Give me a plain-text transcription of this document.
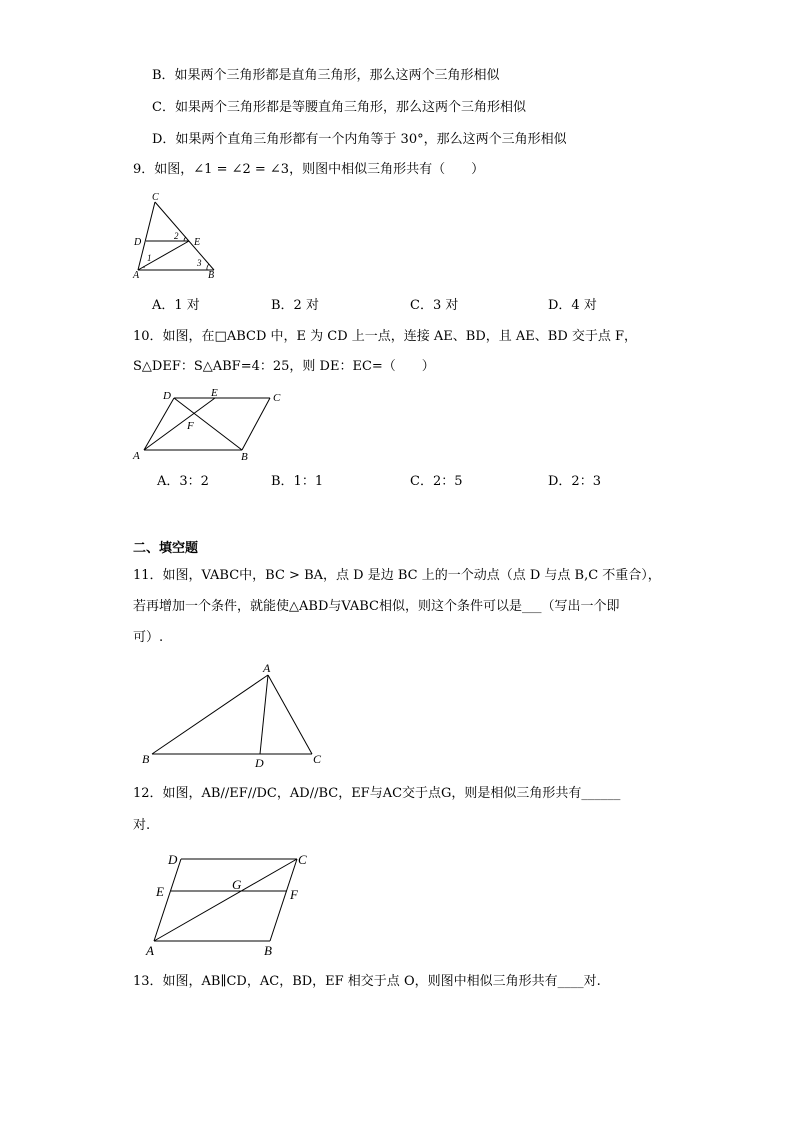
B．如果两个三角形都是直角三角形，那么这两个三角形相似
C．如果两个三角形都是等腰直角三角形，那么这两个三角形相似
D．如果两个直角三角形都有一个内角等于 30°，那么这两个三角形相似
9．如图，∠1 = ∠2 = ∠3，则图中相似三角形共有（　　）
C
D	E
A	B
1
2
3
A．1 对	B．2 对	C．3 对	D．4 对
10．如图，在□ABCD 中，E 为 CD 上一点，连接 AE、BD，且 AE、BD 交于点 F，
S△DEF：S△ABF=4：25，则 DE：EC=（　　）
D	E	C
F
A	B
A．3：2	B．1：1	C．2：5	D．2：3
二、填空题
11．如图，VABC中，BC > BA，点 D 是边 BC 上的一个动点（点 D 与点 B,C 不重合），
若再增加一个条件，就能使△ABD与VABC相似，则这个条件可以是___（写出一个即
可）.
A
B	D	C
12．如图，AB//EF//DC，AD//BC，EF与AC交于点G，则是相似三角形共有______
对.
D	C
E	G
F
A	B
13．如图，AB∥CD，AC，BD，EF 相交于点 O，则图中相似三角形共有____对.
